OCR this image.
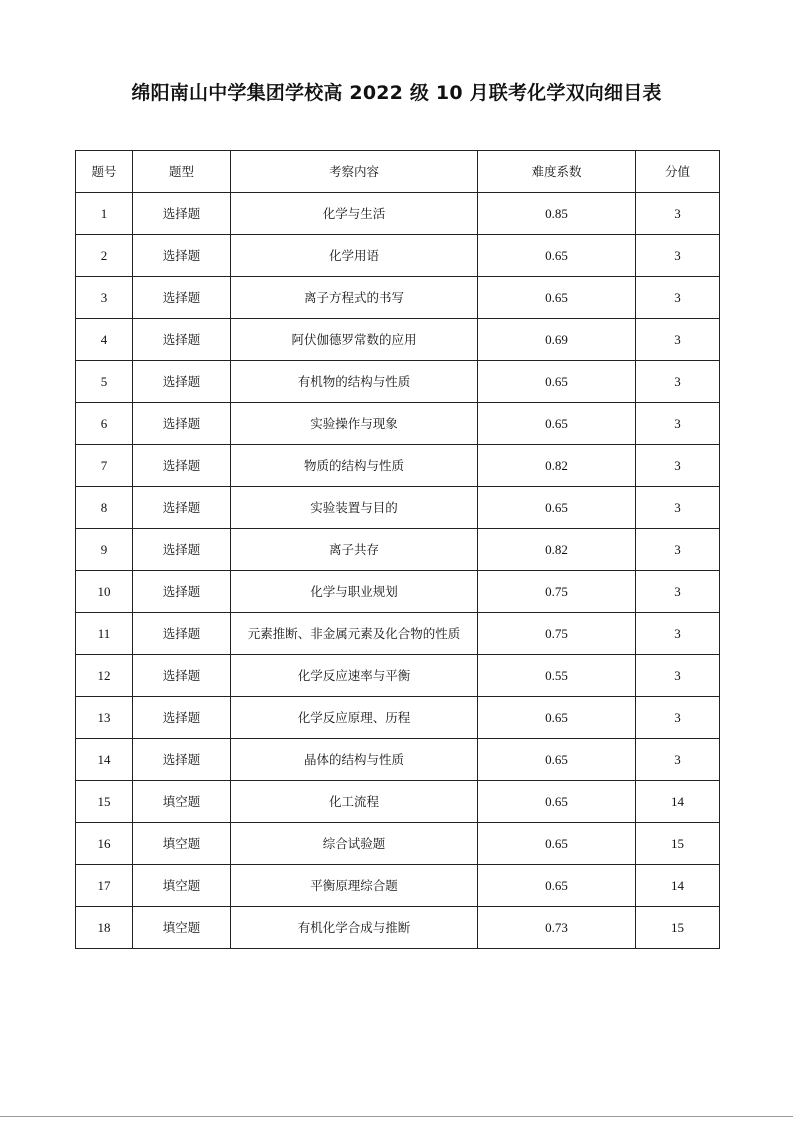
绵阳南山中学集团学校高 2022 级 10 月联考化学双向细目表
题号	题型	考察内容	难度系数	分值
1	选择题	化学与生活	0.85	3
2	选择题	化学用语	0.65	3
3	选择题	离子方程式的书写	0.65	3
4	选择题	阿伏伽德罗常数的应用	0.69	3
5	选择题	有机物的结构与性质	0.65	3
6	选择题	实验操作与现象	0.65	3
7	选择题	物质的结构与性质	0.82	3
8	选择题	实验装置与目的	0.65	3
9	选择题	离子共存	0.82	3
10	选择题	化学与职业规划	0.75	3
11	选择题	元素推断、非金属元素及化合物的性质	0.75	3
12	选择题	化学反应速率与平衡	0.55	3
13	选择题	化学反应原理、历程	0.65	3
14	选择题	晶体的结构与性质	0.65	3
15	填空题	化工流程	0.65	14
16	填空题	综合试验题	0.65	15
17	填空题	平衡原理综合题	0.65	14
18	填空题	有机化学合成与推断	0.73	15
